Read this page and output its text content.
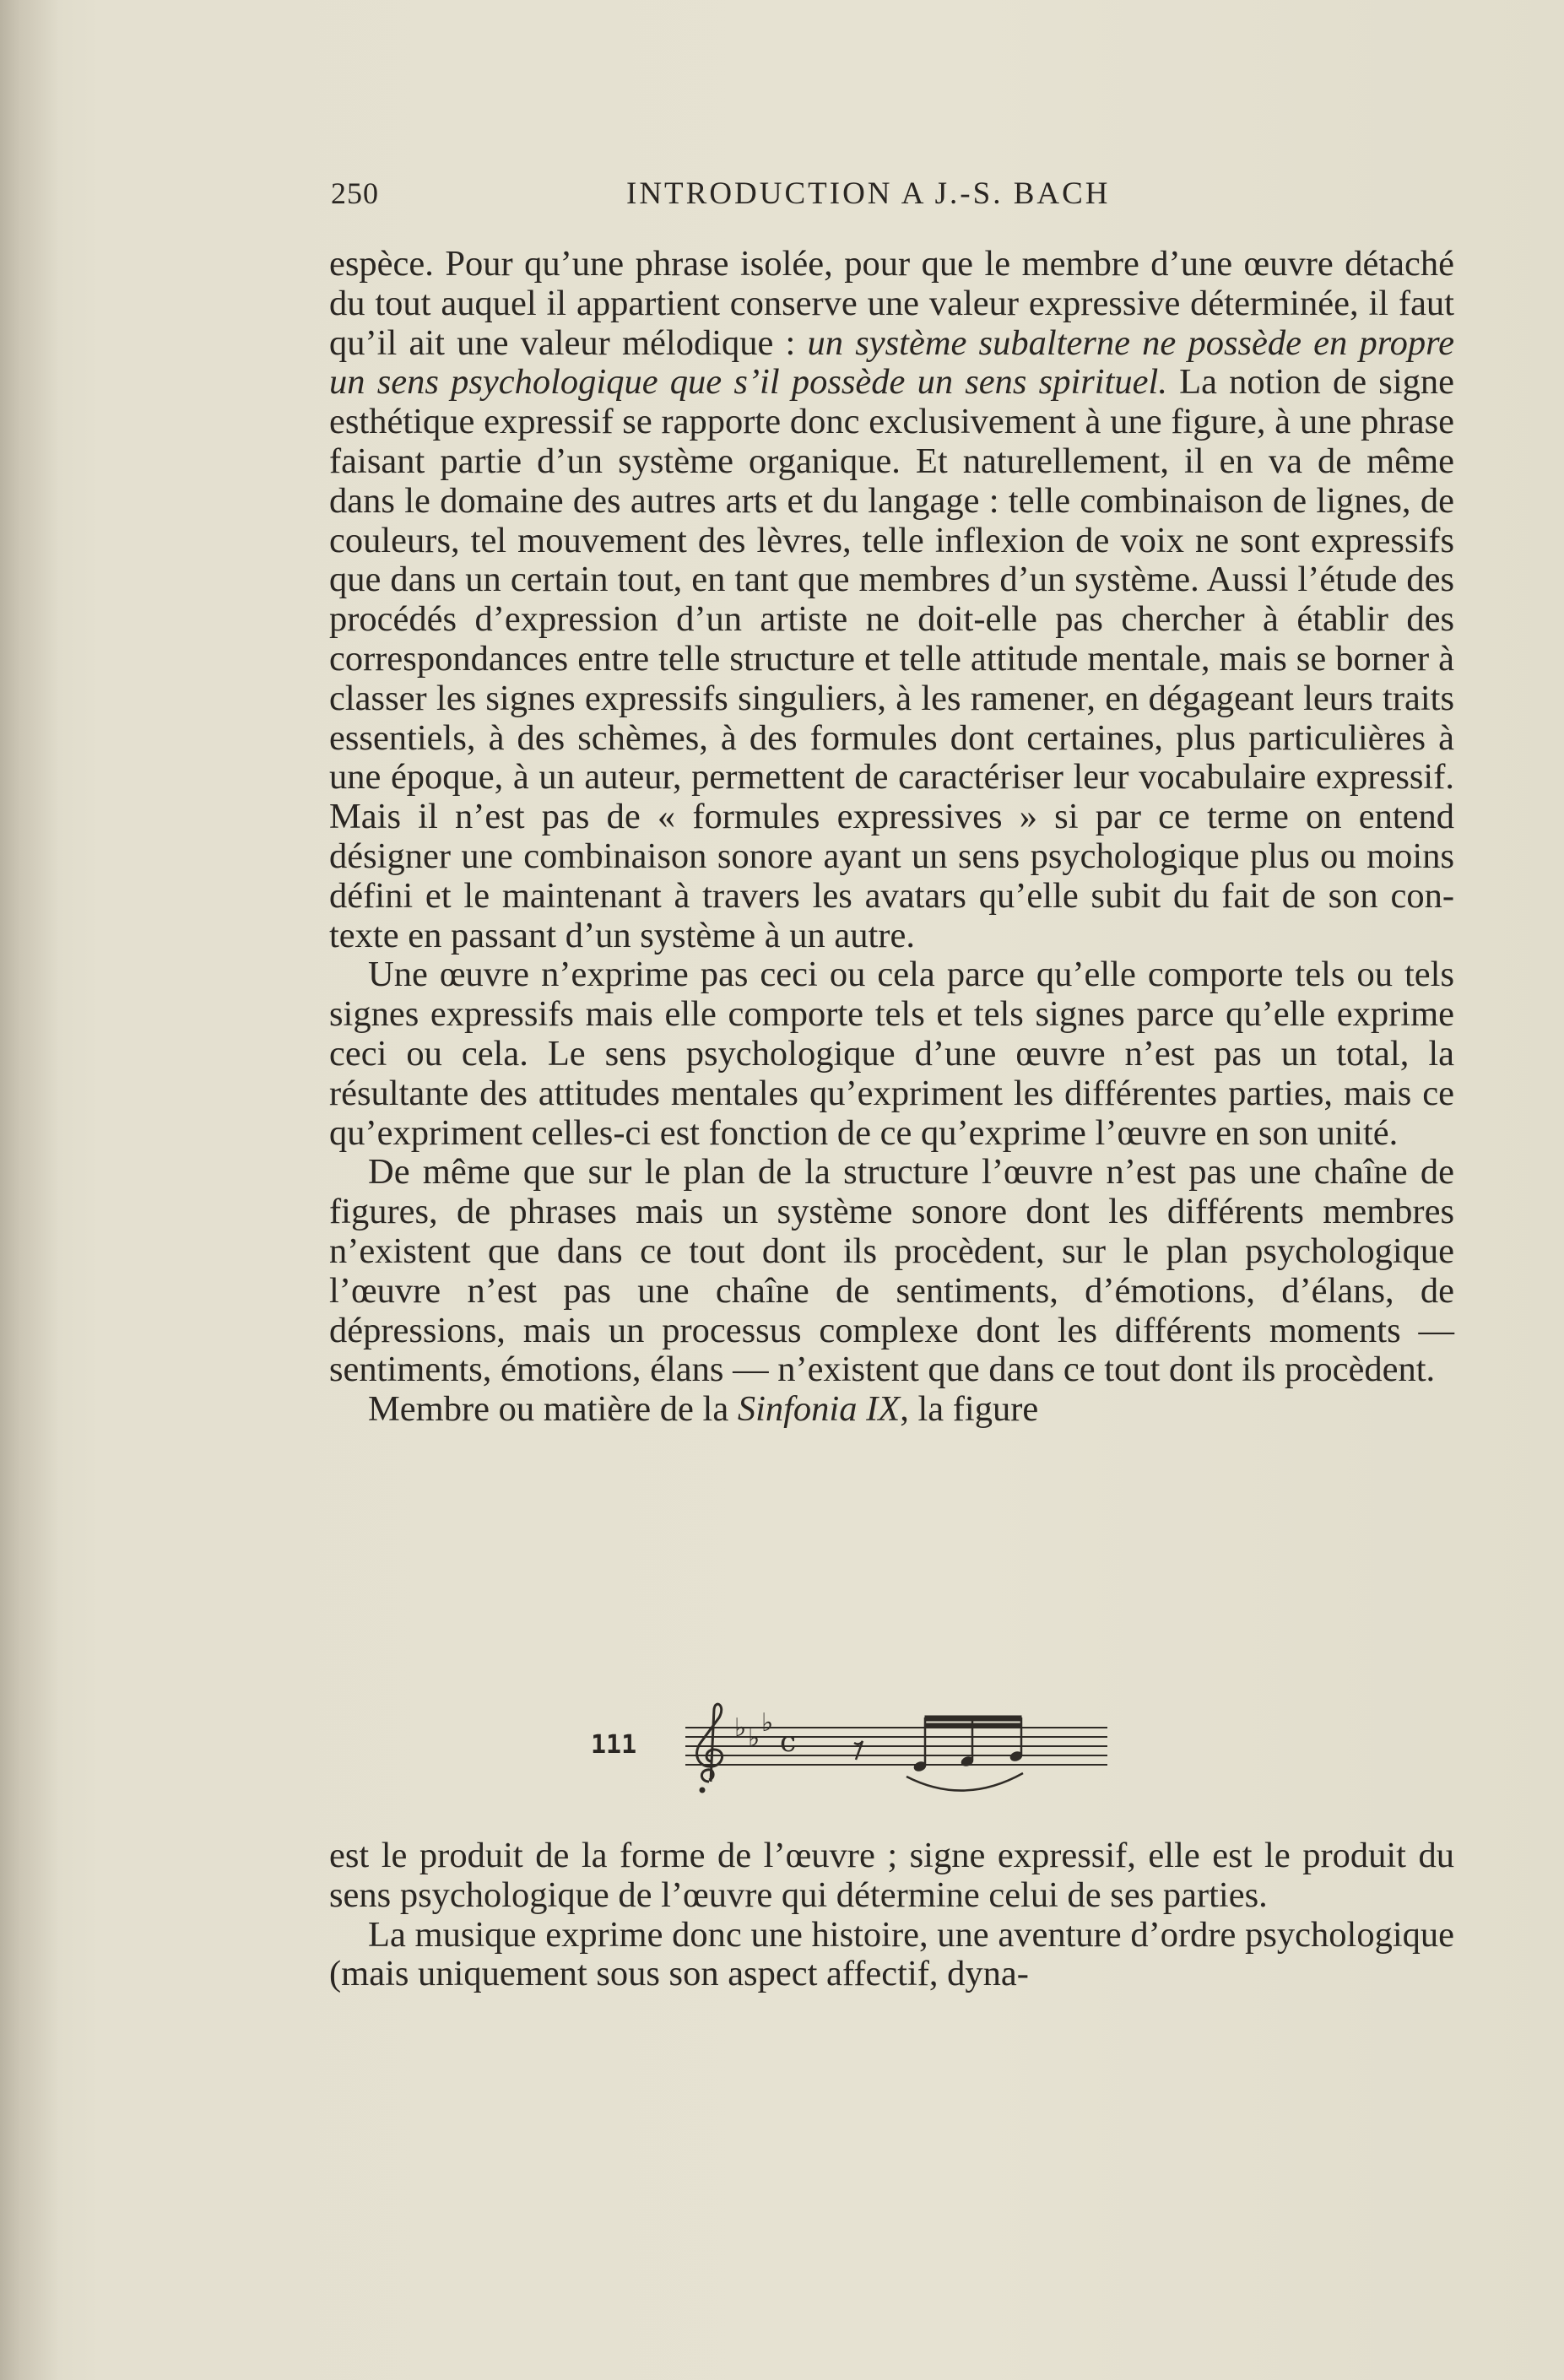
250	INTRODUCTION A J.-S. BACH

espèce. Pour qu’une phrase isolée, pour que le membre d’une œuvre détaché du tout auquel il appartient conserve une valeur expressive déterminée, il faut qu’il ait une valeur mélodique : un système subalterne ne possède en propre un sens psychologique que s’il possède un sens spirituel. La notion de signe esthétique expressif se rapporte donc exclusivement à une figure, à une phrase faisant partie d’un système organique. Et naturellement, il en va de même dans le domaine des autres arts et du langage : telle combinaison de lignes, de couleurs, tel mouvement des lèvres, telle inflexion de voix ne sont expressifs que dans un certain tout, en tant que membres d’un système. Aussi l’étude des procédés d’expression d’un artiste ne doit-elle pas chercher à établir des correspondances entre telle structure et telle attitude mentale, mais se borner à classer les signes expressifs singuliers, à les ramener, en dégageant leurs traits essentiels, à des schèmes, à des formules dont certaines, plus particulières à une époque, à un auteur, permettent de caractériser leur vocabulaire expressif. Mais il n’est pas de « formules expressives » si par ce terme on entend désigner une combinaison sonore ayant un sens psychologique plus ou moins défini et le maintenant à travers les avatars qu’elle subit du fait de son contexte en passant d’un système à un autre.

Une œuvre n’exprime pas ceci ou cela parce qu’elle comporte tels ou tels signes expressifs mais elle comporte tels et tels signes parce qu’elle exprime ceci ou cela. Le sens psychologique d’une œuvre n’est pas un total, la résultante des attitudes mentales qu’expriment les différentes parties, mais ce qu’expriment celles-ci est fonction de ce qu’exprime l’œuvre en son unité.

De même que sur le plan de la structure l’œuvre n’est pas une chaîne de figures, de phrases mais un système sonore dont les différents membres n’existent que dans ce tout dont ils procèdent, sur le plan psychologique l’œuvre n’est pas une chaîne de sentiments, d’émotions, d’élans, de dépressions, mais un processus complexe dont les différents moments — sentiments, émotions, élans — n’existent que dans ce tout dont ils procèdent.

Membre ou matière de la Sinfonia IX, la figure

111
♭ ♭
♭
c

est le produit de la forme de l’œuvre ; signe expressif, elle est le produit du sens psychologique de l’œuvre qui détermine celui de ses parties.

La musique exprime donc une histoire, une aventure d’ordre psychologique (mais uniquement sous son aspect affectif, dyna-
